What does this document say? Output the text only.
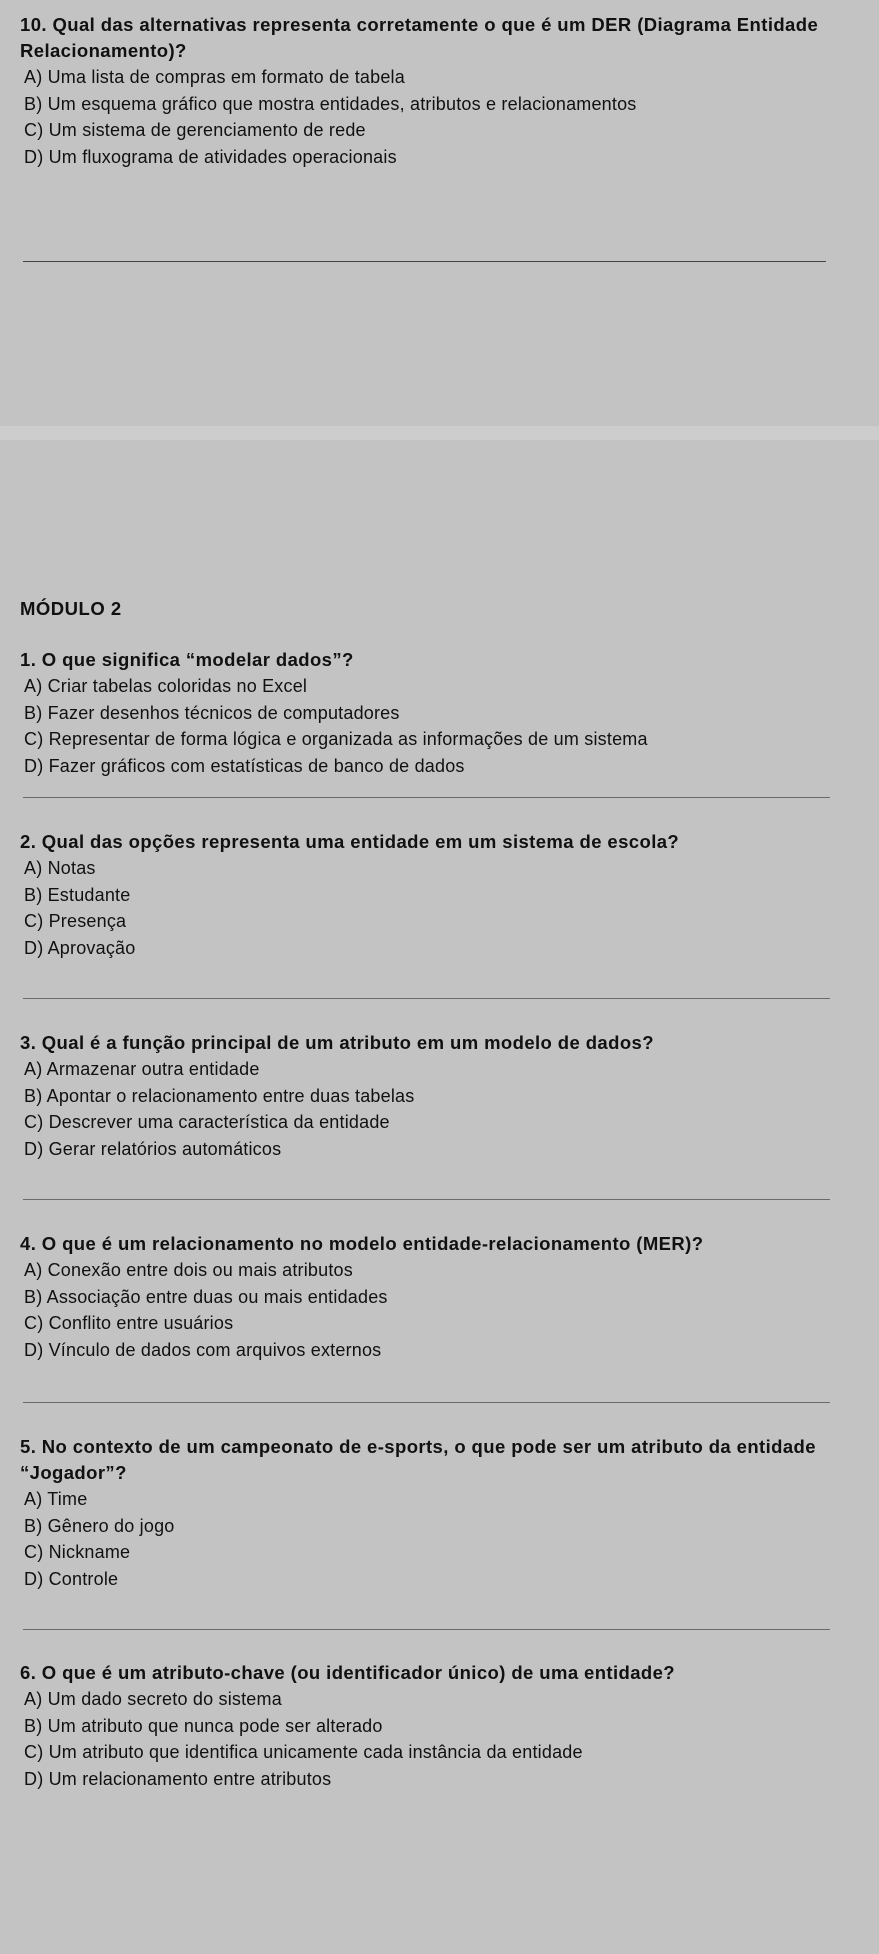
10. Qual das alternativas representa corretamente o que é um DER (Diagrama Entidade Relacionamento)?

A) Uma lista de compras em formato de tabela

B) Um esquema gráfico que mostra entidades, atributos e relacionamentos

C) Um sistema de gerenciamento de rede

D) Um fluxograma de atividades operacionais

MÓDULO 2

1. O que significa “modelar dados”?

A) Criar tabelas coloridas no Excel

B) Fazer desenhos técnicos de computadores

C) Representar de forma lógica e organizada as informações de um sistema

D) Fazer gráficos com estatísticas de banco de dados

2. Qual das opções representa uma entidade em um sistema de escola?

A) Notas

B) Estudante

C) Presença

D) Aprovação

3. Qual é a função principal de um atributo em um modelo de dados?

A) Armazenar outra entidade

B) Apontar o relacionamento entre duas tabelas

C) Descrever uma característica da entidade

D) Gerar relatórios automáticos

4. O que é um relacionamento no modelo entidade-relacionamento (MER)?

A) Conexão entre dois ou mais atributos

B) Associação entre duas ou mais entidades

C) Conflito entre usuários

D) Vínculo de dados com arquivos externos

5. No contexto de um campeonato de e-sports, o que pode ser um atributo da entidade “Jogador”?

A) Time

B) Gênero do jogo

C) Nickname

D) Controle

6. O que é um atributo-chave (ou identificador único) de uma entidade?

A) Um dado secreto do sistema

B) Um atributo que nunca pode ser alterado

C) Um atributo que identifica unicamente cada instância da entidade

D) Um relacionamento entre atributos
